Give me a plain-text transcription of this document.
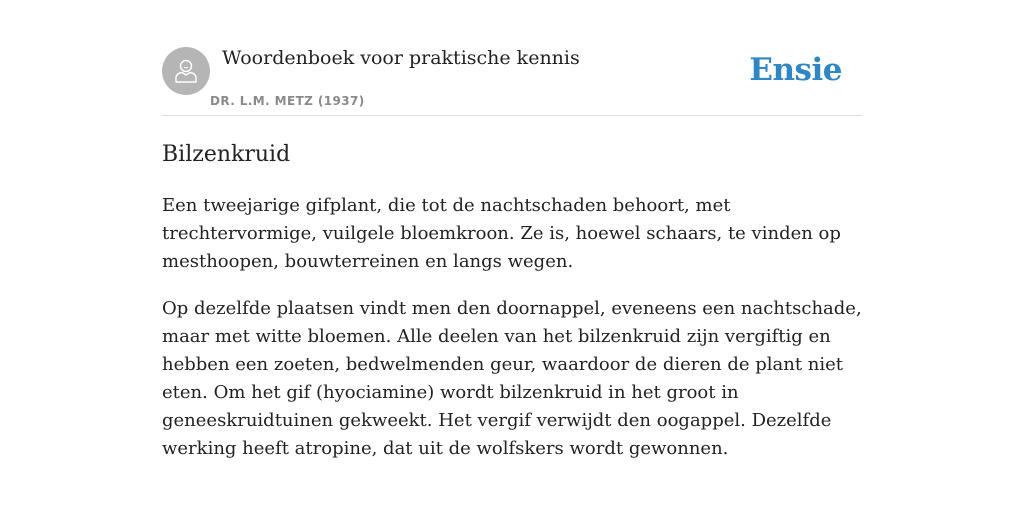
Woordenboek voor praktische kennis
DR. L.M. METZ (1937)
Ensie
Bilzenkruid

Een tweejarige gifplant, die tot de nachtschaden behoort, met trechtervormige, vuilgele bloemkroon. Ze is, hoewel schaars, te vinden op mesthoopen, bouwterreinen en langs wegen.

Op dezelfde plaatsen vindt men den doornappel, eveneens een nachtschade, maar met witte bloemen. Alle deelen van het bilzenkruid zijn vergiftig en hebben een zoeten, bedwelmenden geur, waardoor de dieren de plant niet eten. Om het gif (hyociamine) wordt bilzenkruid in het groot in geneeskruidtuinen gekweekt. Het vergif verwijdt den oogappel. Dezelfde werking heeft atropine, dat uit de wolfskers wordt gewonnen.
